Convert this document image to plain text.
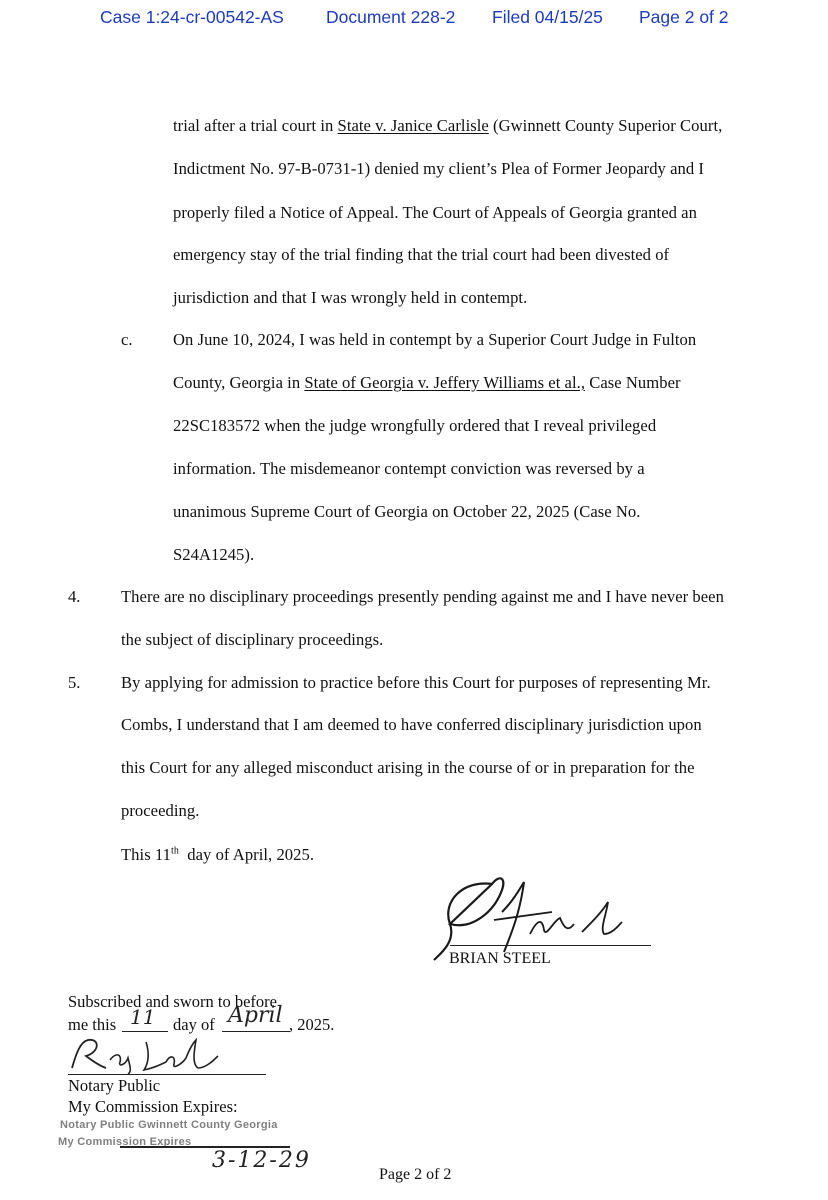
Case 1:24-cr-00542-AS Document 228-2 Filed 04/15/25 Page 2 of 2
trial after a trial court in State v. Janice Carlisle (Gwinnett County Superior Court,
Indictment No. 97-B-0731-1) denied my client’s Plea of Former Jeopardy and I
properly filed a Notice of Appeal. The Court of Appeals of Georgia granted an
emergency stay of the trial finding that the trial court had been divested of
jurisdiction and that I was wrongly held in contempt.
c. On June 10, 2024, I was held in contempt by a Superior Court Judge in Fulton
County, Georgia in State of Georgia v. Jeffery Williams et al., Case Number
22SC183572 when the judge wrongfully ordered that I reveal privileged
information. The misdemeanor contempt conviction was reversed by a
unanimous Supreme Court of Georgia on October 22, 2025 (Case No.
S24A1245).
4. There are no disciplinary proceedings presently pending against me and I have never been
the subject of disciplinary proceedings.
5. By applying for admission to practice before this Court for purposes of representing Mr.
Combs, I understand that I am deemed to have conferred disciplinary jurisdiction upon
this Court for any alleged misconduct arising in the course of or in preparation for the
proceeding.
This 11th  day of April, 2025.
BRIAN STEEL
Subscribed and sworn to before
me this 11 day of April , 2025.
Notary Public
My Commission Expires:
Notary Public Gwinnett County Georgia
My Commission Expires
3-12-29
Page 2 of 2
